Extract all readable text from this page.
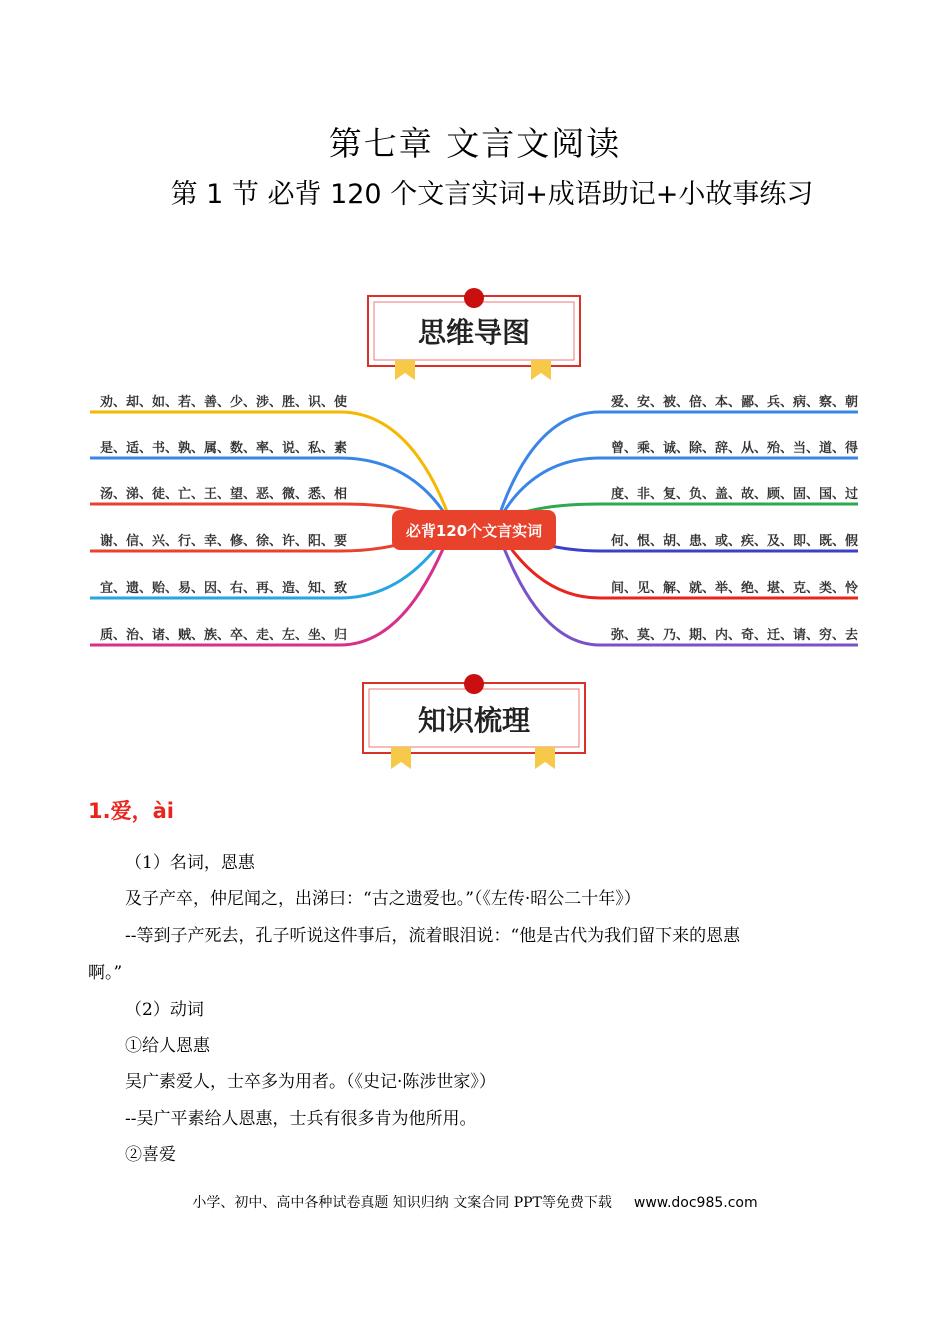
第七章 文言文阅读
第 1 节 必背 120 个文言实词+成语助记+小故事练习
思维导图
必背120个文言实词
劝、却、如、若、善、少、涉、胜、识、使
是、适、书、孰、属、数、率、说、私、素
汤、涕、徒、亡、王、望、恶、微、悉、相
谢、信、兴、行、幸、修、徐、许、阳、要
宜、遗、贻、易、因、右、再、造、知、致
质、治、诸、贼、族、卒、走、左、坐、归
爱、安、被、倍、本、鄙、兵、病、察、朝
曾、乘、诚、除、辞、从、殆、当、道、得
度、非、复、负、盖、故、顾、固、国、过
何、恨、胡、患、或、疾、及、即、既、假
间、见、解、就、举、绝、堪、克、类、怜
弥、莫、乃、期、内、奇、迁、请、穷、去
知识梳理
1.爱，ài
（1）名词，恩惠
及子产卒，仲尼闻之，出涕曰：“古之遗爱也。”（《左传·昭公二十年》）
--等到子产死去，孔子听说这件事后，流着眼泪说：“他是古代为我们留下来的恩惠
啊。”
（2）动词
①给人恩惠
吴广素爱人，士卒多为用者。（《史记·陈涉世家》）
--吴广平素给人恩惠，士兵有很多肯为他所用。
②喜爱
小学、初中、高中各种试卷真题 知识归纳 文案合同 PPT等免费下载 www.doc985.com
